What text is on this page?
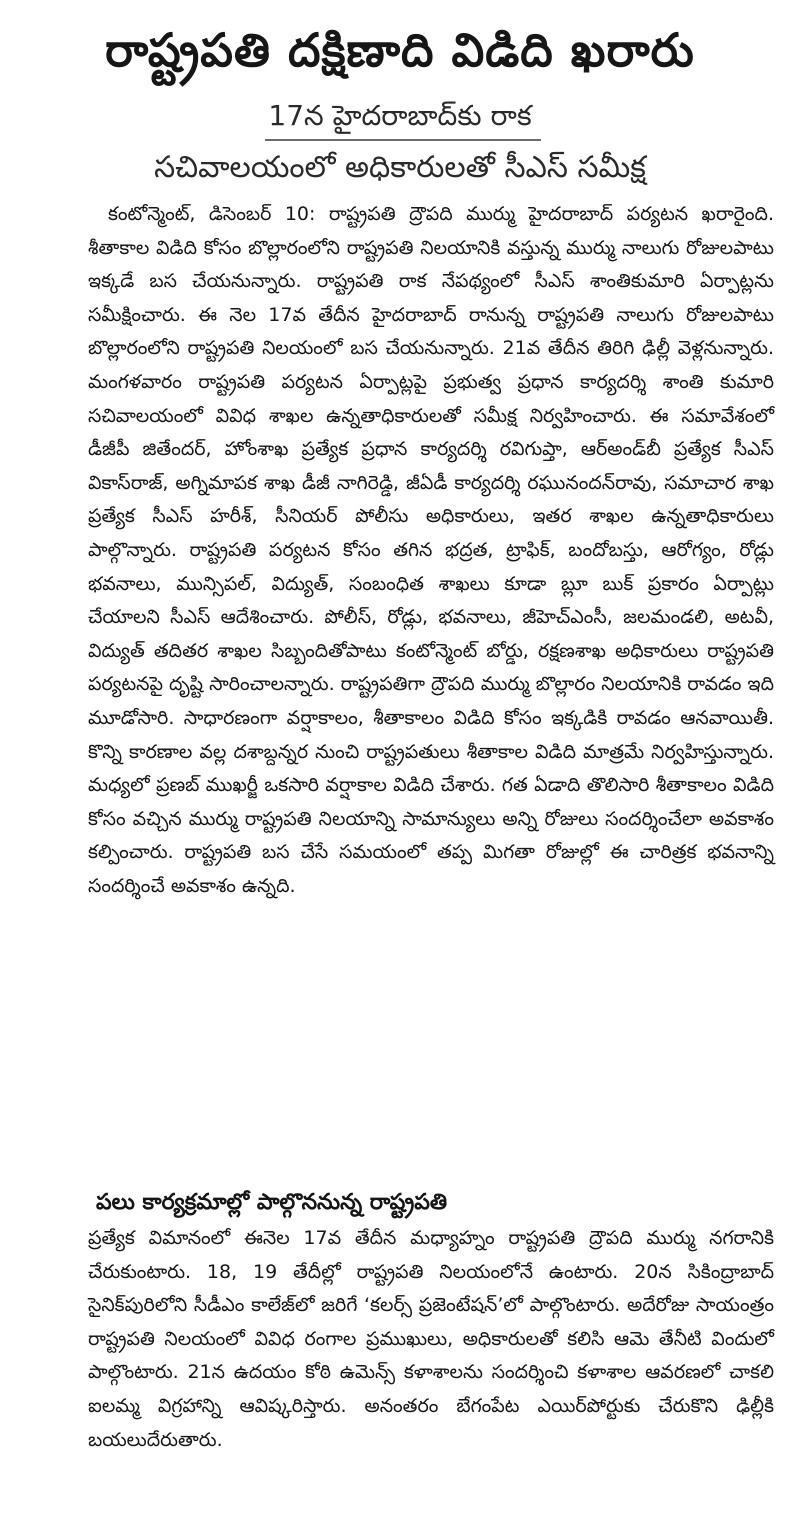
రాష్ట్రపతి దక్షిణాది విడిది ఖరారు
17న హైదరాబాద్‌కు రాక
సచివాలయంలో అధికారులతో సీఎస్ సమీక్ష

కంటోన్మెంట్, డిసెంబర్ 10: రాష్ట్రపతి ద్రౌపది ముర్ము హైదరాబాద్ పర్యటన ఖరారైంది. శీతాకాల విడిది కోసం బొల్లారంలోని రాష్ట్రపతి నిలయానికి వస్తున్న ముర్ము నాలుగు రోజులపాటు ఇక్కడే బస చేయనున్నారు. రాష్ట్రపతి రాక నేపథ్యంలో సీఎస్ శాంతికుమారి ఏర్పాట్లను సమీక్షించారు. ఈ నెల 17వ తేదీన హైదరాబాద్ రానున్న రాష్ట్రపతి నాలుగు రోజులపాటు బొల్లారంలోని రాష్ట్రపతి నిలయంలో బస చేయనున్నారు. 21వ తేదీన తిరిగి ఢిల్లీ వెళ్లనున్నారు. మంగళవారం రాష్ట్రపతి పర్యటన ఏర్పాట్లపై ప్రభుత్వ ప్రధాన కార్యదర్శి శాంతి కుమారి సచివాలయంలో వివిధ శాఖల ఉన్నతాధికారులతో సమీక్ష నిర్వహించారు. ఈ సమావేశంలో డీజీపీ జితేందర్, హోంశాఖ ప్రత్యేక ప్రధాన కార్యదర్శి రవిగుప్తా, ఆర్అండ్‌బీ ప్రత్యేక సీఎస్ వికాస్‌రాజ్, అగ్నిమాపక శాఖ డీజీ నాగిరెడ్డి, జీఏడీ కార్యదర్శి రఘునందన్‌రావు, సమాచార శాఖ ప్రత్యేక సీఎస్ హరీశ్, సీనియర్ పోలీసు అధికారులు, ఇతర శాఖల ఉన్నతాధికారులు పాల్గొన్నారు. రాష్ట్రపతి పర్యటన కోసం తగిన భద్రత, ట్రాఫిక్, బందోబస్తు, ఆరోగ్యం, రోడ్లు భవనాలు, మున్సిపల్, విద్యుత్, సంబంధిత శాఖలు కూడా బ్లూ బుక్ ప్రకారం ఏర్పాట్లు చేయాలని సీఎస్ ఆదేశించారు. పోలీస్, రోడ్లు, భవనాలు, జీహెచ్ఎంసీ, జలమండలి, అటవీ, విద్యుత్ తదితర శాఖల సిబ్బందితోపాటు కంటోన్మెంట్ బోర్డు, రక్షణశాఖ అధికారులు రాష్ట్రపతి పర్యటనపై దృష్టి సారించాలన్నారు. రాష్ట్రపతిగా ద్రౌపది ముర్ము బొల్లారం నిలయానికి రావడం ఇది మూడోసారి. సాధారణంగా వర్షాకాలం, శీతాకాలం విడిది కోసం ఇక్కడికి రావడం ఆనవాయితీ. కొన్ని కారణాల వల్ల దశాబ్దన్నర నుంచి రాష్ట్రపతులు శీతాకాల విడిది మాత్రమే నిర్వహిస్తున్నారు. మధ్యలో ప్రణబ్ ముఖర్జీ ఒకసారి వర్షాకాల విడిది చేశారు. గత ఏడాది తొలిసారి శీతాకాలం విడిది కోసం వచ్చిన ముర్ము రాష్ట్రపతి నిలయాన్ని సామాన్యులు అన్ని రోజులు సందర్శించేలా అవకాశం కల్పించారు. రాష్ట్రపతి బస చేసే సమయంలో తప్ప మిగతా రోజుల్లో ఈ చారిత్రక భవనాన్ని సందర్శించే అవకాశం ఉన్నది.

పలు కార్యక్రమాల్లో పాల్గొననున్న రాష్ట్రపతి

ప్రత్యేక విమానంలో ఈనెల 17వ తేదీన మధ్యాహ్నం రాష్ట్రపతి ద్రౌపది ముర్ము నగరానికి చేరుకుంటారు. 18, 19 తేదీల్లో రాష్ట్రపతి నిలయంలోనే ఉంటారు. 20న సికింద్రాబాద్ సైనిక్‌పురిలోని సీడీఎం కాలేజ్‌లో జరిగే ‘కలర్స్ ప్రజెంటేషన్’లో పాల్గొంటారు. అదేరోజు సాయంత్రం రాష్ట్రపతి నిలయంలో వివిధ రంగాల ప్రముఖులు, అధికారులతో కలిసి ఆమె తేనీటి విందులో పాల్గొంటారు. 21న ఉదయం కోఠి ఉమెన్స్ కళాశాలను సందర్శించి కళాశాల ఆవరణలో చాకలి ఐలమ్మ విగ్రహాన్ని ఆవిష్కరిస్తారు. అనంతరం బేగంపేట ఎయిర్‌పోర్టుకు చేరుకొని ఢిల్లీకి బయలుదేరుతారు.
